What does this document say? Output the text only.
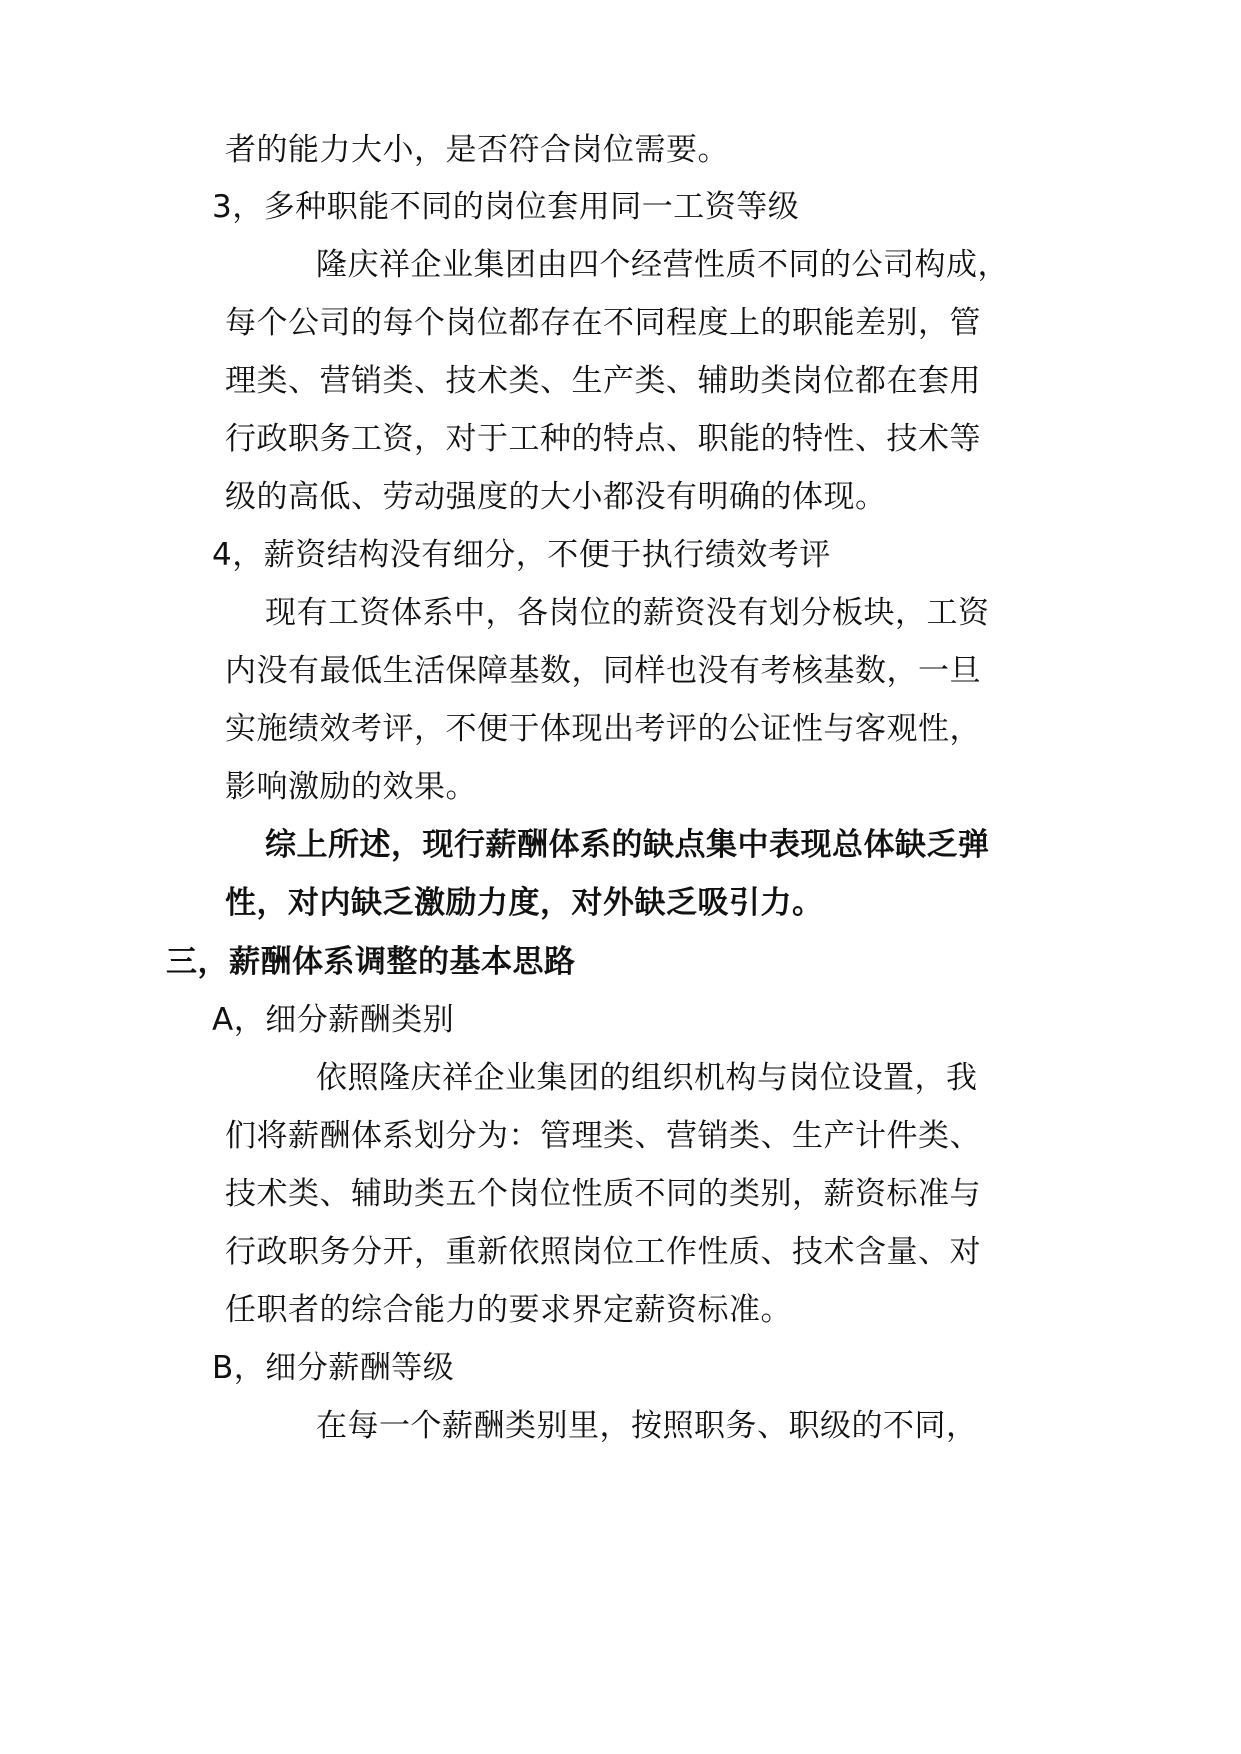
者的能力大小，是否符合岗位需要。
3，多种职能不同的岗位套用同一工资等级
隆庆祥企业集团由四个经营性质不同的公司构成，
每个公司的每个岗位都存在不同程度上的职能差别，管
理类、营销类、技术类、生产类、辅助类岗位都在套用
行政职务工资，对于工种的特点、职能的特性、技术等
级的高低、劳动强度的大小都没有明确的体现。
4，薪资结构没有细分，不便于执行绩效考评
现有工资体系中，各岗位的薪资没有划分板块，工资
内没有最低生活保障基数，同样也没有考核基数，一旦
实施绩效考评，不便于体现出考评的公证性与客观性，
影响激励的效果。
综上所述，现行薪酬体系的缺点集中表现总体缺乏弹
性，对内缺乏激励力度，对外缺乏吸引力。
三，薪酬体系调整的基本思路
A，细分薪酬类别
依照隆庆祥企业集团的组织机构与岗位设置，我
们将薪酬体系划分为：管理类、营销类、生产计件类、
技术类、辅助类五个岗位性质不同的类别，薪资标准与
行政职务分开，重新依照岗位工作性质、技术含量、对
任职者的综合能力的要求界定薪资标准。
B，细分薪酬等级
在每一个薪酬类别里，按照职务、职级的不同，
